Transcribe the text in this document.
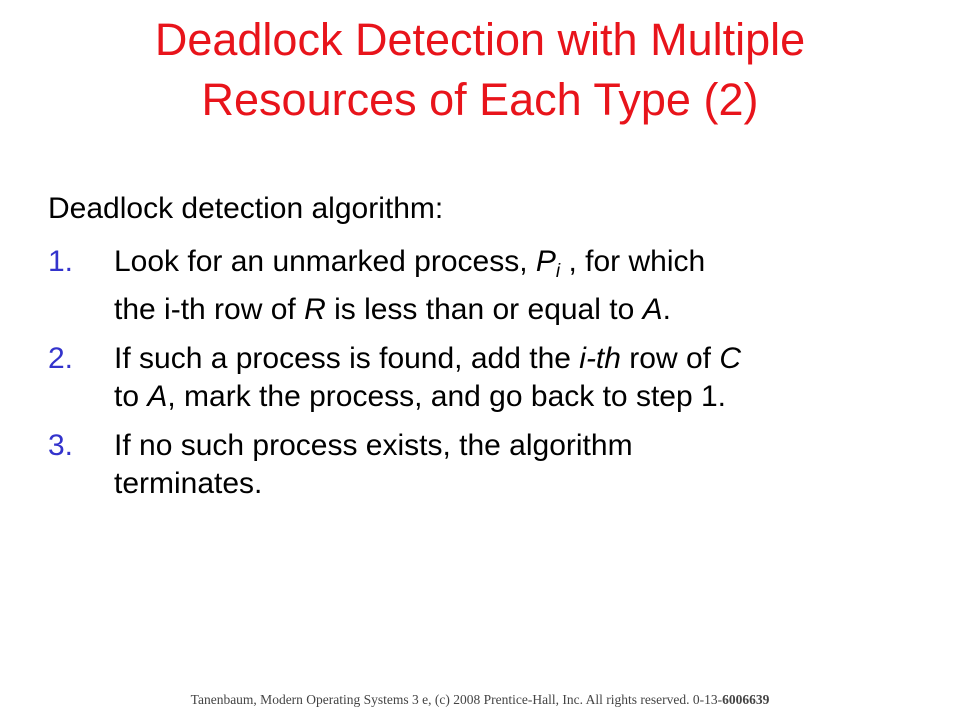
Deadlock Detection with Multiple
Resources of Each Type (2)

Deadlock detection algorithm:

1. Look for an unmarked process, $P_i$ , for which
the i-th row of R is less than or equal to A.
2. If such a process is found, add the i-th row of C
to A, mark the process, and go back to step 1.
3. If no such process exists, the algorithm
terminates.
Tanenbaum, Modern Operating Systems 3 e, (c) 2008 Prentice-Hall, Inc. All rights reserved. 0-13-6006639
